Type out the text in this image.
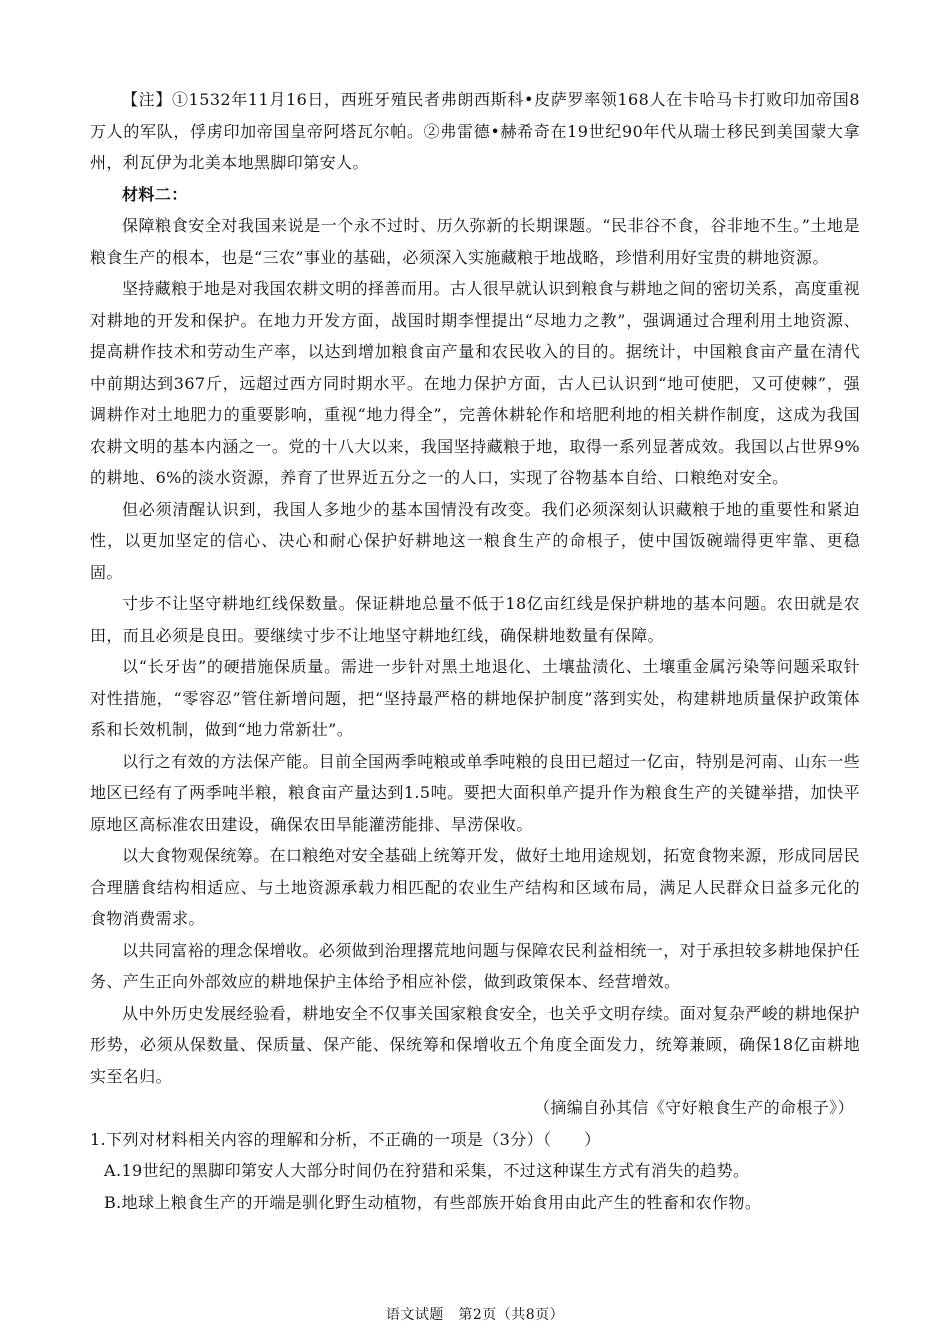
【注】①1532年11月16日，西班牙殖民者弗朗西斯科•皮萨罗率领168人在卡哈马卡打败印加帝国8万人的军队，俘虏印加帝国皇帝阿塔瓦尔帕。②弗雷德•赫希奇在19世纪90年代从瑞士移民到美国蒙大拿州，利瓦伊为北美本地黑脚印第安人。

材料二：

保障粮食安全对我国来说是一个永不过时、历久弥新的长期课题。“民非谷不食，谷非地不生。”土地是粮食生产的根本，也是“三农”事业的基础，必须深入实施藏粮于地战略，珍惜利用好宝贵的耕地资源。

坚持藏粮于地是对我国农耕文明的择善而用。古人很早就认识到粮食与耕地之间的密切关系，高度重视对耕地的开发和保护。在地力开发方面，战国时期李悝提出“尽地力之教”，强调通过合理利用土地资源、提高耕作技术和劳动生产率，以达到增加粮食亩产量和农民收入的目的。据统计，中国粮食亩产量在清代中前期达到367斤，远超过西方同时期水平。在地力保护方面，古人已认识到“地可使肥，又可使棘”，强调耕作对土地肥力的重要影响，重视“地力得全”，完善休耕轮作和培肥利地的相关耕作制度，这成为我国农耕文明的基本内涵之一。党的十八大以来，我国坚持藏粮于地，取得一系列显著成效。我国以占世界9%的耕地、6%的淡水资源，养育了世界近五分之一的人口，实现了谷物基本自给、口粮绝对安全。

但必须清醒认识到，我国人多地少的基本国情没有改变。我们必须深刻认识藏粮于地的重要性和紧迫性，以更加坚定的信心、决心和耐心保护好耕地这一粮食生产的命根子，使中国饭碗端得更牢靠、更稳固。

寸步不让坚守耕地红线保数量。保证耕地总量不低于18亿亩红线是保护耕地的基本问题。农田就是农田，而且必须是良田。要继续寸步不让地坚守耕地红线，确保耕地数量有保障。

以“长牙齿”的硬措施保质量。需进一步针对黑土地退化、土壤盐渍化、土壤重金属污染等问题采取针对性措施，“零容忍”管住新增问题，把“坚持最严格的耕地保护制度”落到实处，构建耕地质量保护政策体系和长效机制，做到“地力常新壮”。

以行之有效的方法保产能。目前全国两季吨粮或单季吨粮的良田已超过一亿亩，特别是河南、山东一些地区已经有了两季吨半粮，粮食亩产量达到1.5吨。要把大面积单产提升作为粮食生产的关键举措，加快平原地区高标准农田建设，确保农田旱能灌涝能排、旱涝保收。

以大食物观保统筹。在口粮绝对安全基础上统筹开发，做好土地用途规划，拓宽食物来源，形成同居民合理膳食结构相适应、与土地资源承载力相匹配的农业生产结构和区域布局，满足人民群众日益多元化的食物消费需求。

以共同富裕的理念保增收。必须做到治理撂荒地问题与保障农民利益相统一，对于承担较多耕地保护任务、产生正向外部效应的耕地保护主体给予相应补偿，做到政策保本、经营增效。

从中外历史发展经验看，耕地安全不仅事关国家粮食安全，也关乎文明存续。面对复杂严峻的耕地保护形势，必须从保数量、保质量、保产能、保统筹和保增收五个角度全面发力，统筹兼顾，确保18亿亩耕地实至名归。

（摘编自孙其信《守好粮食生产的命根子》）

1.下列对材料相关内容的理解和分析，不正确的一项是（3分）（　　）

A.19世纪的黑脚印第安人大部分时间仍在狩猎和采集，不过这种谋生方式有消失的趋势。

B.地球上粮食生产的开端是驯化野生动植物，有些部族开始食用由此产生的牲畜和农作物。

语文试题　第2页（共8页）
